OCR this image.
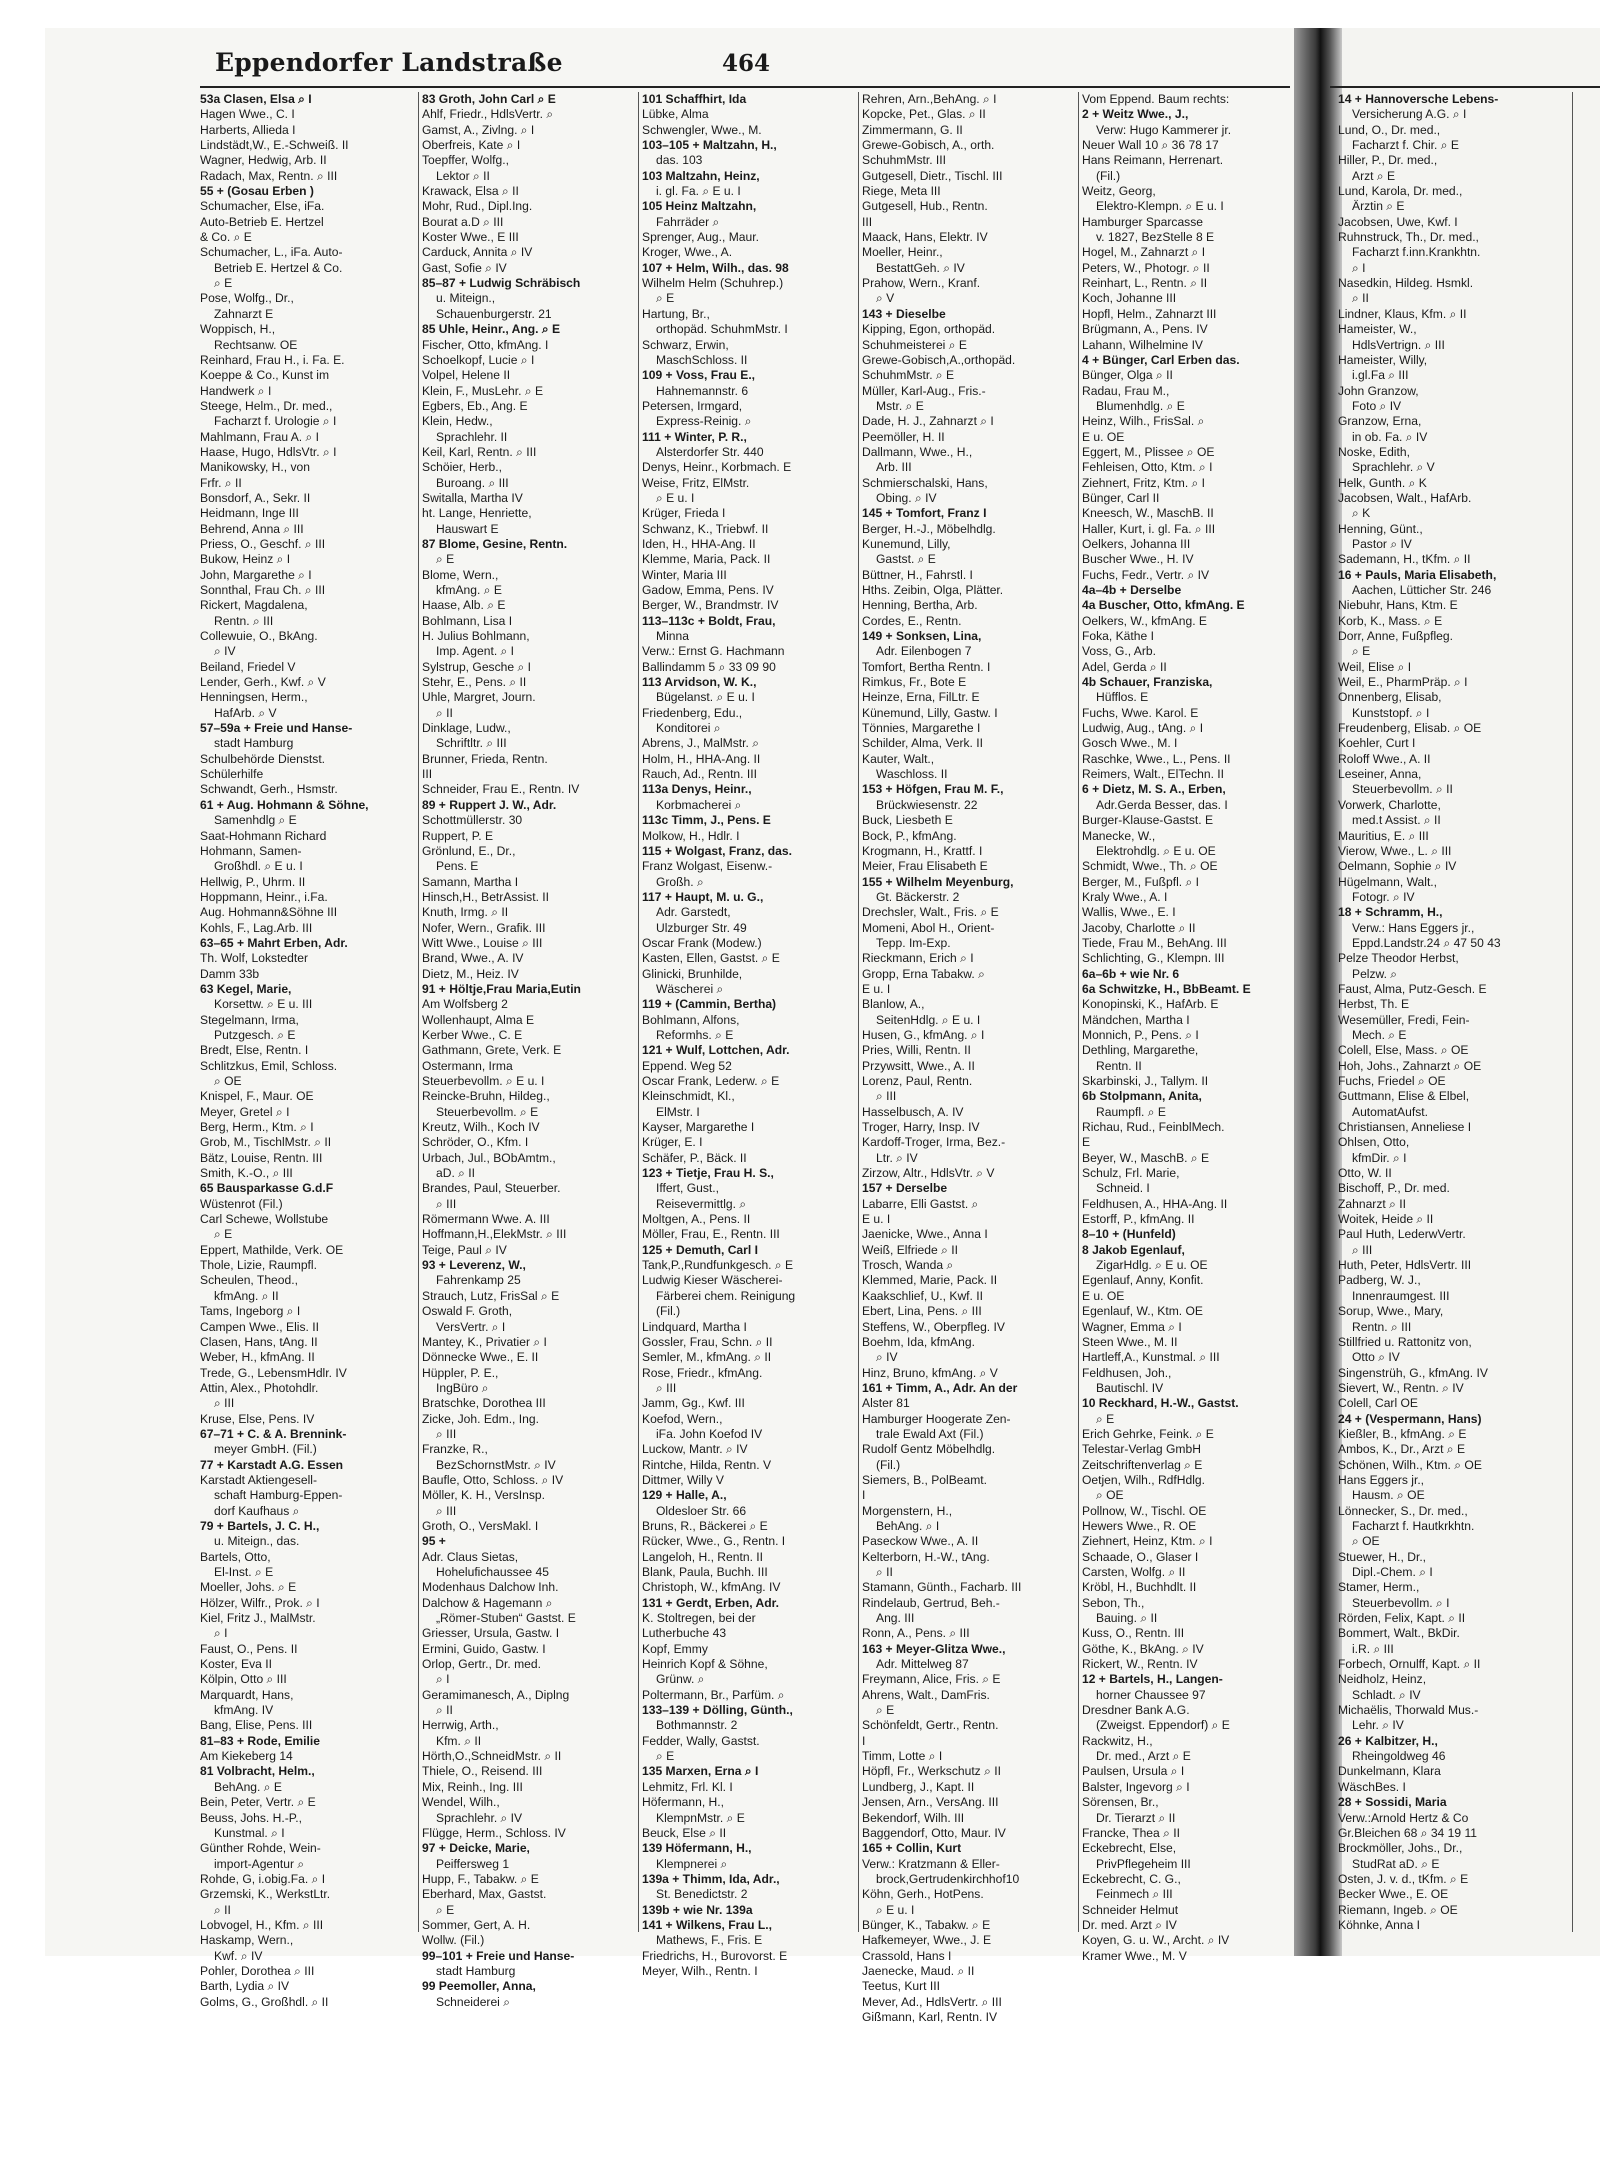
Eppendorfer Landstraße	464
53a Clasen, Elsa ⌕ I
Hagen Wwe., C. I
Harberts, Allieda I
Lindstädt,W., E.-Schweiß. II
Wagner, Hedwig, Arb. II
Radach, Max, Rentn. ⌕ III
55 + (Gosau Erben )
Schumacher, Else, iFa.
Auto-Betrieb E. Hertzel
& Co. ⌕ E
Schumacher, L., iFa. Auto-
Betrieb E. Hertzel & Co.
⌕ E
Pose, Wolfg., Dr.,
Zahnarzt E
Woppisch, H.,
Rechtsanw. OE
Reinhard, Frau H., i. Fa. E.
Koeppe & Co., Kunst im
Handwerk ⌕ I
Steege, Helm., Dr. med.,
Facharzt f. Urologie ⌕ I
Mahlmann, Frau A. ⌕ I
Haase, Hugo, HdlsVtr. ⌕ I
Manikowsky, H., von
Frfr. ⌕ II
Bonsdorf, A., Sekr. II
Heidmann, Inge III
Behrend, Anna ⌕ III
Priess, O., Geschf. ⌕ III
Bukow, Heinz ⌕ I
John, Margarethe ⌕ I
Sonnthal, Frau Ch. ⌕ III
Rickert, Magdalena,
Rentn. ⌕ III
Collewuie, O., BkAng.
⌕ IV
Beiland, Friedel V
Lender, Gerh., Kwf. ⌕ V
Henningsen, Herm.,
HafArb. ⌕ V
57–59a + Freie und Hanse-
stadt Hamburg
Schulbehörde Dienstst.
Schülerhilfe
Schwandt, Gerh., Hsmstr.
61 + Aug. Hohmann & Söhne,
Samenhdlg ⌕ E
Saat-Hohmann Richard
Hohmann, Samen-
Großhdl. ⌕ E u. I
Hellwig, P., Uhrm. II
Hoppmann, Heinr., i.Fa.
Aug. Hohmann&Söhne III
Kohls, F., Lag.Arb. III
63–65 + Mahrt Erben, Adr.
Th. Wolf, Lokstedter
Damm 33b
63 Kegel, Marie,
Korsettw. ⌕ E u. III
Stegelmann, Irma,
Putzgesch. ⌕ E
Bredt, Else, Rentn. I
Schlitzkus, Emil, Schloss.
⌕ OE
Knispel, F., Maur. OE
Meyer, Gretel ⌕ I
Berg, Herm., Ktm. ⌕ I
Grob, M., TischlMstr. ⌕ II
Bätz, Louise, Rentn. III
Smith, K.-O., ⌕ III
65 Bausparkasse G.d.F
Wüstenrot (Fil.)
Carl Schewe, Wollstube
⌕ E
Eppert, Mathilde, Verk. OE
Thole, Lizie, Raumpfl.
Scheulen, Theod.,
kfmAng. ⌕ II
Tams, Ingeborg ⌕ I
Campen Wwe., Elis. II
Clasen, Hans, tAng. II
Weber, H., kfmAng. II
Trede, G., LebensmHdlr. IV
Attin, Alex., Photohdlr.
⌕ III
Kruse, Else, Pens. IV
67–71 + C. & A. Brennink-
meyer GmbH. (Fil.)
77 + Karstadt A.G. Essen
Karstadt Aktiengesell-
schaft Hamburg-Eppen-
dorf Kaufhaus ⌕
79 + Bartels, J. C. H.,
u. Miteign., das.
Bartels, Otto,
El-Inst. ⌕ E
Moeller, Johs. ⌕ E
Hölzer, Wilfr., Prok. ⌕ I
Kiel, Fritz J., MalMstr.
⌕ I
Faust, O., Pens. II
Koster, Eva II
Kölpin, Otto ⌕ III
Marquardt, Hans,
kfmAng. IV
Bang, Elise, Pens. III
81–83 + Rode, Emilie
Am Kiekeberg 14
81 Volbracht, Helm.,
BehAng. ⌕ E
Bein, Peter, Vertr. ⌕ E
Beuss, Johs. H.-P.,
Kunstmal. ⌕ I
Günther Rohde, Wein-
import-Agentur ⌕
Rohde, G, i.obig.Fa. ⌕ I
Grzemski, K., WerkstLtr.
⌕ II
Lobvogel, H., Kfm. ⌕ III
Haskamp, Wern.,
Kwf. ⌕ IV
Pohler, Dorothea ⌕ III
Barth, Lydia ⌕ IV
Golms, G., Großhdl. ⌕ II
83 Groth, John Carl ⌕ E
Ahlf, Friedr., HdlsVertr. ⌕
Gamst, A., Zivlng. ⌕ I
Oberfreis, Kate ⌕ I
Toepffer, Wolfg.,
Lektor ⌕ II
Krawack, Elsa ⌕ II
Mohr, Rud., Dipl.Ing.
Bourat a.D ⌕ III
Koster Wwe., E III
Carduck, Annita ⌕ IV
Gast, Sofie ⌕ IV
85–87 + Ludwig Schräbisch
u. Miteign.,
Schauenburgerstr. 21
85 Uhle, Heinr., Ang. ⌕ E
Fischer, Otto, kfmAng. I
Schoelkopf, Lucie ⌕ I
Volpel, Helene II
Klein, F., MusLehr. ⌕ E
Egbers, Eb., Ang. E
Klein, Hedw.,
Sprachlehr. II
Keil, Karl, Rentn. ⌕ III
Schöier, Herb.,
Buroang. ⌕ III
Switalla, Martha IV
ht. Lange, Henriette,
Hauswart E
87 Blome, Gesine, Rentn.
⌕ E
Blome, Wern.,
kfmAng. ⌕ E
Haase, Alb. ⌕ E
Bohlmann, Lisa I
H. Julius Bohlmann,
Imp. Agent. ⌕ I
Sylstrup, Gesche ⌕ I
Stehr, E., Pens. ⌕ II
Uhle, Margret, Journ.
⌕ II
Dinklage, Ludw.,
Schriftltr. ⌕ III
Brunner, Frieda, Rentn.
III
Schneider, Frau E., Rentn. IV
89 + Ruppert J. W., Adr.
Schottmüllerstr. 30
Ruppert, P. E
Grönlund, E., Dr.,
Pens. E
Samann, Martha I
Hinsch,H., BetrAssist. II
Knuth, Irmg. ⌕ II
Nofer, Wern., Grafik. III
Witt Wwe., Louise ⌕ III
Brand, Wwe., A. IV
Dietz, M., Heiz. IV
91 + Höltje,Frau Maria,Eutin
Am Wolfsberg 2
Wollenhaupt, Alma E
Kerber Wwe., C. E
Gathmann, Grete, Verk. E
Ostermann, Irma
Steuerbevollm. ⌕ E u. I
Reincke-Bruhn, Hildeg.,
Steuerbevollm. ⌕ E
Kreutz, Wilh., Koch IV
Schröder, O., Kfm. I
Urbach, Jul., BObAmtm.,
aD. ⌕ II
Brandes, Paul, Steuerber.
⌕ III
Römermann Wwe. A. III
Hoffmann,H.,ElekMstr. ⌕ III
Teige, Paul ⌕ IV
93 + Leverenz, W.,
Fahrenkamp 25
Strauch, Lutz, FrisSal ⌕ E
Oswald F. Groth,
VersVertr. ⌕ I
Mantey, K., Privatier ⌕ I
Dönnecke Wwe., E. II
Hüppler, P. E.,
IngBüro ⌕
Bratschke, Dorothea III
Zicke, Joh. Edm., Ing.
⌕ III
Franzke, R.,
BezSchornstMstr. ⌕ IV
Baufle, Otto, Schloss. ⌕ IV
Möller, K. H., VersInsp.
⌕ III
Groth, O., VersMakl. I
95 +
Adr. Claus Sietas,
Hohelufichaussee 45
Modenhaus Dalchow Inh.
Dalchow & Hagemann ⌕
„Römer-Stuben“ Gastst. E
Griesser, Ursula, Gastw. I
Ermini, Guido, Gastw. I
Orlop, Gertr., Dr. med.
⌕ I
Geramimanesch, A., Diplng
⌕ II
Herrwig, Arth.,
Kfm. ⌕ II
Hörth,O.,SchneidMstr. ⌕ II
Thiele, O., Reisend. III
Mix, Reinh., Ing. III
Wendel, Wilh.,
Sprachlehr. ⌕ IV
Flügge, Herm., Schloss. IV
97 + Deicke, Marie,
Peiffersweg 1
Hupp, F., Tabakw. ⌕ E
Eberhard, Max, Gastst.
⌕ E
Sommer, Gert, A. H.
Wollw. (Fil.)
99–101 + Freie und Hanse-
stadt Hamburg
99 Peemoller, Anna,
Schneiderei ⌕
101 Schaffhirt, Ida
Lübke, Alma
Schwengler, Wwe., M.
103–105 + Maltzahn, H.,
das. 103
103 Maltzahn, Heinz,
i. gl. Fa. ⌕ E u. I
105 Heinz Maltzahn,
Fahrräder ⌕
Sprenger, Aug., Maur.
Kroger, Wwe., A.
107 + Helm, Wilh., das. 98
Wilhelm Helm (Schuhrep.)
⌕ E
Hartung, Br.,
orthopäd. SchuhmMstr. I
Schwarz, Erwin,
MaschSchloss. II
109 + Voss, Frau E.,
Hahnemannstr. 6
Petersen, Irmgard,
Express-Reinig. ⌕
111 + Winter, P. R.,
Alsterdorfer Str. 440
Denys, Heinr., Korbmach. E
Weise, Fritz, ElMstr.
⌕ E u. I
Krüger, Frieda I
Schwanz, K., Triebwf. II
Iden, H., HHA-Ang. II
Klemme, Maria, Pack. II
Winter, Maria III
Gadow, Emma, Pens. IV
Berger, W., Brandmstr. IV
113–113c + Boldt, Frau,
Minna
Verw.: Ernst G. Hachmann
Ballindamm 5 ⌕ 33 09 90
113 Arvidson, W. K.,
Bügelanst. ⌕ E u. I
Friedenberg, Edu.,
Konditorei ⌕
Abrens, J., MalMstr. ⌕
Holm, H., HHA-Ang. II
Rauch, Ad., Rentn. III
113a Denys, Heinr.,
Korbmacherei ⌕
113c Timm, J., Pens. E
Molkow, H., Hdlr. I
115 + Wolgast, Franz, das.
Franz Wolgast, Eisenw.-
Großh. ⌕
117 + Haupt, M. u. G.,
Adr. Garstedt,
Ulzburger Str. 49
Oscar Frank (Modew.)
Kasten, Ellen, Gastst. ⌕ E
Glinicki, Brunhilde,
Wäscherei ⌕
119 + (Cammin, Bertha)
Bohlmann, Alfons,
Reformhs. ⌕ E
121 + Wulf, Lottchen, Adr.
Eppend. Weg 52
Oscar Frank, Lederw. ⌕ E
Kleinschmidt, Kl.,
ElMstr. I
Kayser, Margarethe I
Krüger, E. I
Schäfer, P., Bäck. II
123 + Tietje, Frau H. S.,
Iffert, Gust.,
Reisevermittlg. ⌕
Moltgen, A., Pens. II
Möller, Frau, E., Rentn. III
125 + Demuth, Carl I
Tank,P.,Rundfunkgesch. ⌕ E
Ludwig Kieser Wäscherei-
Färberei chem. Reinigung
(Fil.)
Lindquard, Martha I
Gossler, Frau, Schn. ⌕ II
Semler, M., kfmAng. ⌕ II
Rose, Friedr., kfmAng.
⌕ III
Jamm, Gg., Kwf. III
Koefod, Wern.,
iFa. John Koefod IV
Luckow, Mantr. ⌕ IV
Rintche, Hilda, Rentn. V
Dittmer, Willy V
129 + Halle, A.,
Oldesloer Str. 66
Bruns, R., Bäckerei ⌕ E
Rücker, Wwe., G., Rentn. I
Langeloh, H., Rentn. II
Blank, Paula, Buchh. III
Christoph, W., kfmAng. IV
131 + Gerdt, Erben, Adr.
K. Stoltregen, bei der
Lutherbuche 43
Kopf, Emmy
Heinrich Kopf & Söhne,
Grünw. ⌕
Poltermann, Br., Parfüm. ⌕
133–139 + Dölling, Günth.,
Bothmannstr. 2
Fedder, Wally, Gastst.
⌕ E
135 Marxen, Erna ⌕ I
Lehmitz, Frl. Kl. I
Höfermann, H.,
KlempnMstr. ⌕ E
Beuck, Else ⌕ II
139 Höfermann, H.,
Klempnerei ⌕
139a + Thimm, Ida, Adr.,
St. Benedictstr. 2
139b + wie Nr. 139a
141 + Wilkens, Frau L.,
Mathews, F., Fris. E
Friedrichs, H., Burovorst. E
Meyer, Wilh., Rentn. I
Rehren, Arn.,BehAng. ⌕ I
Kopcke, Pet., Glas. ⌕ II
Zimmermann, G. II
Grewe-Gobisch, A., orth.
SchuhmMstr. III
Gutgesell, Dietr., Tischl. III
Riege, Meta III
Gutgesell, Hub., Rentn.
III
Maack, Hans, Elektr. IV
Moeller, Heinr.,
BestattGeh. ⌕ IV
Prahow, Wern., Kranf.
⌕ V
143 + Dieselbe
Kipping, Egon, orthopäd.
Schuhmeisterei ⌕ E
Grewe-Gobisch,A.,orthopäd.
SchuhmMstr. ⌕ E
Müller, Karl-Aug., Fris.-
Mstr. ⌕ E
Dade, H. J., Zahnarzt ⌕ I
Peemöller, H. II
Dallmann, Wwe., H.,
Arb. III
Schmierschalski, Hans,
Obing. ⌕ IV
145 + Tomfort, Franz I
Berger, H.-J., Möbelhdlg.
Kunemund, Lilly,
Gastst. ⌕ E
Büttner, H., Fahrstl. I
Hths. Zeibin, Olga, Plätter.
Henning, Bertha, Arb.
Cordes, E., Rentn.
149 + Sonksen, Lina,
Adr. Eilenbogen 7
Tomfort, Bertha Rentn. I
Rimkus, Fr., Bote E
Heinze, Erna, FilLtr. E
Künemund, Lilly, Gastw. I
Tönnies, Margarethe I
Schilder, Alma, Verk. II
Kauter, Walt.,
Waschloss. II
153 + Höfgen, Frau M. F.,
Brückwiesenstr. 22
Buck, Liesbeth E
Bock, P., kfmAng.
Krogmann, H., Krattf. I
Meier, Frau Elisabeth E
155 + Wilhelm Meyenburg,
Gt. Bäckerstr. 2
Drechsler, Walt., Fris. ⌕ E
Momeni, Abol H., Orient-
Tepp. Im-Exp.
Rieckmann, Erich ⌕ I
Gropp, Erna Tabakw. ⌕
E u. I
Blanlow, A.,
SeitenHdlg. ⌕ E u. I
Husen, G., kfmAng. ⌕ I
Pries, Willi, Rentn. II
Przywsitt, Wwe., A. II
Lorenz, Paul, Rentn.
⌕ III
Hasselbusch, A. IV
Troger, Harry, Insp. IV
Kardoff-Troger, Irma, Bez.-
Ltr. ⌕ IV
Zirzow, Altr., HdlsVtr. ⌕ V
157 + Derselbe
Labarre, Elli Gastst. ⌕
E u. I
Jaenicke, Wwe., Anna I
Weiß, Elfriede ⌕ II
Trosch, Wanda ⌕
Klemmed, Marie, Pack. II
Kaakschlief, U., Kwf. II
Ebert, Lina, Pens. ⌕ III
Steffens, W., Oberpfleg. IV
Boehm, Ida, kfmAng.
⌕ IV
Hinz, Bruno, kfmAng. ⌕ V
161 + Timm, A., Adr. An der
Alster 81
Hamburger Hoogerate Zen-
trale Ewald Axt (Fil.)
Rudolf Gentz Möbelhdlg.
(Fil.)
Siemers, B., PolBeamt.
I
Morgenstern, H.,
BehAng. ⌕ I
Paseckow Wwe., A. II
Kelterborn, H.-W., tAng.
⌕ II
Stamann, Günth., Facharb. III
Rindelaub, Gertrud, Beh.-
Ang. III
Ronn, A., Pens. ⌕ III
163 + Meyer-Glitza Wwe.,
Adr. Mittelweg 87
Freymann, Alice, Fris. ⌕ E
Ahrens, Walt., DamFris.
⌕ E
Schönfeldt, Gertr., Rentn.
I
Timm, Lotte ⌕ I
Höpfl, Fr., Werkschutz ⌕ II
Lundberg, J., Kapt. II
Jensen, Arn., VersAng. III
Bekendorf, Wilh. III
Baggendorf, Otto, Maur. IV
165 + Collin, Kurt
Verw.: Kratzmann & Eller-
brock,Gertrudenkirchhof10
Köhn, Gerh., HotPens.
⌕ E u. I
Bünger, K., Tabakw. ⌕ E
Hafkemeyer, Wwe., J. E
Crassold, Hans I
Jaenecke, Maud. ⌕ II
Teetus, Kurt III
Mever, Ad., HdlsVertr. ⌕ III
Gißmann, Karl, Rentn. IV
Vom Eppend. Baum rechts:
2 + Weitz Wwe., J.,
Verw: Hugo Kammerer jr.
Neuer Wall 10 ⌕ 36 78 17
Hans Reimann, Herrenart.
(Fil.)
Weitz, Georg,
Elektro-Klempn. ⌕ E u. I
Hamburger Sparcasse
v. 1827, BezStelle 8 E
Hogel, M., Zahnarzt ⌕ I
Peters, W., Photogr. ⌕ II
Reinhart, L., Rentn. ⌕ II
Koch, Johanne III
Hopfl, Helm., Zahnarzt III
Brügmann, A., Pens. IV
Lahann, Wilhelmine IV
4 + Bünger, Carl Erben das.
Bünger, Olga ⌕ II
Radau, Frau M.,
Blumenhdlg. ⌕ E
Heinz, Wilh., FrisSal. ⌕
E u. OE
Eggert, M., Plissee ⌕ OE
Fehleisen, Otto, Ktm. ⌕ I
Ziehnert, Fritz, Ktm. ⌕ I
Bünger, Carl II
Kneesch, W., MaschB. II
Haller, Kurt, i. gl. Fa. ⌕ III
Oelkers, Johanna III
Buscher Wwe., H. IV
Fuchs, Fedr., Vertr. ⌕ IV
4a–4b + Derselbe
4a Buscher, Otto, kfmAng. E
Oelkers, W., kfmAng. E
Foka, Käthe I
Voss, G., Arb.
Adel, Gerda ⌕ II
4b Schauer, Franziska,
Hüfflos. E
Fuchs, Wwe. Karol. E
Ludwig, Aug., tAng. ⌕ I
Gosch Wwe., M. I
Raschke, Wwe., L., Pens. II
Reimers, Walt., ElTechn. II
6 + Dietz, M. S. A., Erben,
Adr.Gerda Besser, das. I
Burger-Klause-Gastst. E
Manecke, W.,
Elektrohdlg. ⌕ E u. OE
Schmidt, Wwe., Th. ⌕ OE
Berger, M., Fußpfl. ⌕ I
Kraly Wwe., A. I
Wallis, Wwe., E. I
Jacoby, Charlotte ⌕ II
Tiede, Frau M., BehAng. III
Schlichting, G., Klempn. III
6a–6b + wie Nr. 6
6a Schwitzke, H., BbBeamt. E
Konopinski, K., HafArb. E
Mändchen, Martha I
Monnich, P., Pens. ⌕ I
Dethling, Margarethe,
Rentn. II
Skarbinski, J., Tallym. II
6b Stolpmann, Anita,
Raumpfl. ⌕ E
Richau, Rud., FeinblMech.
E
Beyer, W., MaschB. ⌕ E
Schulz, Frl. Marie,
Schneid. I
Feldhusen, A., HHA-Ang. II
Estorff, P., kfmAng. II
8–10 + (Hunfeld)
8 Jakob Egenlauf,
ZigarHdlg. ⌕ E u. OE
Egenlauf, Anny, Konfit.
E u. OE
Egenlauf, W., Ktm. OE
Wagner, Emma ⌕ I
Steen Wwe., M. II
Hartleff,A., Kunstmal. ⌕ III
Feldhusen, Joh.,
Bautischl. IV
10 Reckhard, H.-W., Gastst.
⌕ E
Erich Gehrke, Feink. ⌕ E
Telestar-Verlag GmbH
Zeitschriftenverlag ⌕ E
Oetjen, Wilh., RdfHdlg.
⌕ OE
Pollnow, W., Tischl. OE
Hewers Wwe., R. OE
Ziehnert, Heinz, Ktm. ⌕ I
Schaade, O., Glaser I
Carsten, Wolfg. ⌕ II
Kröbl, H., Buchhdlt. II
Sebon, Th.,
Bauing. ⌕ II
Kuss, O., Rentn. III
Göthe, K., BkAng. ⌕ IV
Rickert, W., Rentn. IV
12 + Bartels, H., Langen-
horner Chaussee 97
Dresdner Bank A.G.
(Zweigst. Eppendorf) ⌕ E
Rackwitz, H.,
Dr. med., Arzt ⌕ E
Paulsen, Ursula ⌕ I
Balster, Ingevorg ⌕ I
Sörensen, Br.,
Dr. Tierarzt ⌕ II
Francke, Thea ⌕ II
Eckebrecht, Else,
PrivPflegeheim III
Eckebrecht, C. G.,
Feinmech ⌕ III
Schneider Helmut
Dr. med. Arzt ⌕ IV
Koyen, G. u. W., Archt. ⌕ IV
Kramer Wwe., M. V
14 + Hannoversche Lebens-
Versicherung A.G. ⌕ I
Lund, O., Dr. med.,
Facharzt f. Chir. ⌕ E
Hiller, P., Dr. med.,
Arzt ⌕ E
Lund, Karola, Dr. med.,
Ärztin ⌕ E
Jacobsen, Uwe, Kwf. I
Ruhnstruck, Th., Dr. med.,
Facharzt f.inn.Krankhtn.
⌕ I
Nasedkin, Hildeg. Hsmkl.
⌕ II
Lindner, Klaus, Kfm. ⌕ II
Hameister, W.,
HdlsVertrign. ⌕ III
Hameister, Willy,
i.gl.Fa ⌕ III
John Granzow,
Foto ⌕ IV
Granzow, Erna,
in ob. Fa. ⌕ IV
Noske, Edith,
Sprachlehr. ⌕ V
Helk, Gunth. ⌕ K
Jacobsen, Walt., HafArb.
⌕ K
Henning, Günt.,
Pastor ⌕ IV
Sademann, H., tKfm. ⌕ II
16 + Pauls, Maria Elisabeth,
Aachen, Lütticher Str. 246
Niebuhr, Hans, Ktm. E
Korb, K., Mass. ⌕ E
Dorr, Anne, Fußpfleg.
⌕ E
Weil, Elise ⌕ I
Weil, E., PharmPräp. ⌕ I
Onnenberg, Elisab,
Kunststopf. ⌕ I
Freudenberg, Elisab. ⌕ OE
Koehler, Curt I
Roloff Wwe., A. II
Leseiner, Anna,
Steuerbevollm. ⌕ II
Vorwerk, Charlotte,
med.t Assist. ⌕ II
Mauritius, E. ⌕ III
Vierow, Wwe., L. ⌕ III
Oelmann, Sophie ⌕ IV
Hügelmann, Walt.,
Fotogr. ⌕ IV
18 + Schramm, H.,
Verw.: Hans Eggers jr.,
Eppd.Landstr.24 ⌕ 47 50 43
Pelze Theodor Herbst,
Pelzw. ⌕
Faust, Alma, Putz-Gesch. E
Herbst, Th. E
Wesemüller, Fredi, Fein-
Mech. ⌕ E
Colell, Else, Mass. ⌕ OE
Hoh, Johs., Zahnarzt ⌕ OE
Fuchs, Friedel ⌕ OE
Guttmann, Elise & Elbel,
AutomatAufst.
Christiansen, Anneliese I
Ohlsen, Otto,
kfmDir. ⌕ I
Otto, W. II
Bischoff, P., Dr. med.
Zahnarzt ⌕ II
Woitek, Heide ⌕ II
Paul Huth, LederwVertr.
⌕ III
Huth, Peter, HdlsVertr. III
Padberg, W. J.,
Innenraumgest. III
Sorup, Wwe., Mary,
Rentn. ⌕ III
Stillfried u. Rattonitz von,
Otto ⌕ IV
Singenstrüh, G., kfmAng. IV
Sievert, W., Rentn. ⌕ IV
Colell, Carl OE
24 + (Vespermann, Hans)
Kießler, B., kfmAng. ⌕ E
Ambos, K., Dr., Arzt ⌕ E
Schönen, Wilh., Ktm. ⌕ OE
Hans Eggers jr.,
Hausm. ⌕ OE
Lönnecker, S., Dr. med.,
Facharzt f. Hautkrkhtn.
⌕ OE
Stuewer, H., Dr.,
Dipl.-Chem. ⌕ I
Stamer, Herm.,
Steuerbevollm. ⌕ I
Rörden, Felix, Kapt. ⌕ II
Bommert, Walt., BkDir.
i.R. ⌕ III
Forbech, Ornulff, Kapt. ⌕ II
Neidholz, Heinz,
Schladt. ⌕ IV
Michaëlis, Thorwald Mus.-
Lehr. ⌕ IV
26 + Kalbitzer, H.,
Rheingoldweg 46
Dunkelmann, Klara
WäschBes. I
28 + Sossidi, Maria
Verw.:Arnold Hertz & Co
Gr.Bleichen 68 ⌕ 34 19 11
Brockmöller, Johs., Dr.,
StudRat aD. ⌕ E
Osten, J. v. d., tKfm. ⌕ E
Becker Wwe., E. OE
Riemann, Ingeb. ⌕ OE
Köhnke, Anna I
